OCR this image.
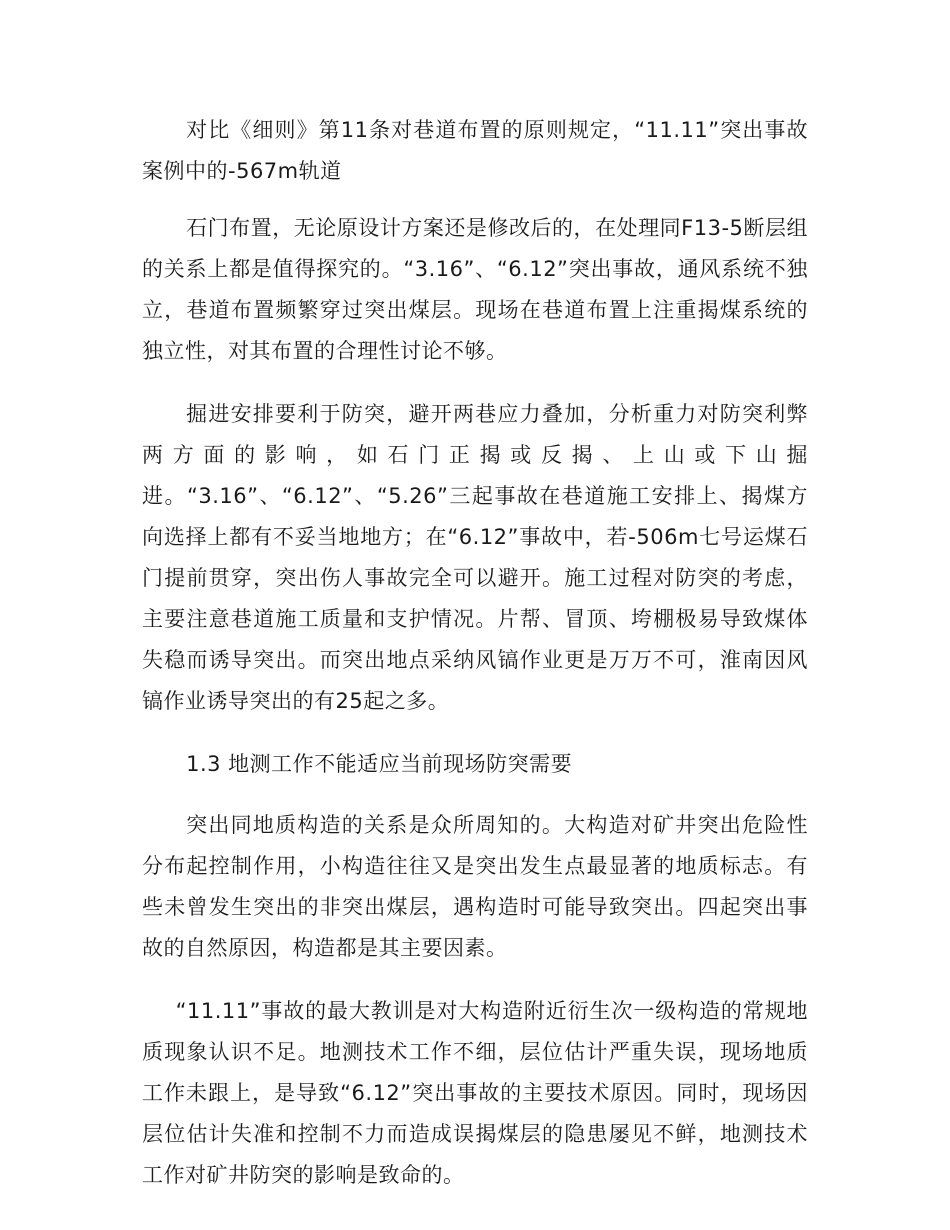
对比《细则》第11条对巷道布置的原则规定，“11.11”突出事故案例中的-567m轨道

石门布置，无论原设计方案还是修改后的，在处理同F13-5断层组的关系上都是值得探究的。“3.16”、“6.12”突出事故，通风系统不独立，巷道布置频繁穿过突出煤层。现场在巷道布置上注重揭煤系统的独立性，对其布置的合理性讨论不够。

掘进安排要利于防突，避开两巷应力叠加，分析重力对防突利弊两方面的影响，如石门正揭或反揭、上山或下山掘进。“3.16”、“6.12”、“5.26”三起事故在巷道施工安排上、揭煤方向选择上都有不妥当地地方；在“6.12”事故中，若-506m七号运煤石门提前贯穿，突出伤人事故完全可以避开。施工过程对防突的考虑，主要注意巷道施工质量和支护情况。片帮、冒顶、垮棚极易导致煤体失稳而诱导突出。而突出地点采纳风镐作业更是万万不可，淮南因风镐作业诱导突出的有25起之多。

1.3 地测工作不能适应当前现场防突需要

突出同地质构造的关系是众所周知的。大构造对矿井突出危险性分布起控制作用，小构造往往又是突出发生点最显著的地质标志。有些未曾发生突出的非突出煤层，遇构造时可能导致突出。四起突出事故的自然原因，构造都是其主要因素。

“11.11”事故的最大教训是对大构造附近衍生次一级构造的常规地质现象认识不足。地测技术工作不细，层位估计严重失误，现场地质工作未跟上，是导致“6.12”突出事故的主要技术原因。同时，现场因层位估计失准和控制不力而造成误揭煤层的隐患屡见不鲜，地测技术工作对矿井防突的影响是致命的。
